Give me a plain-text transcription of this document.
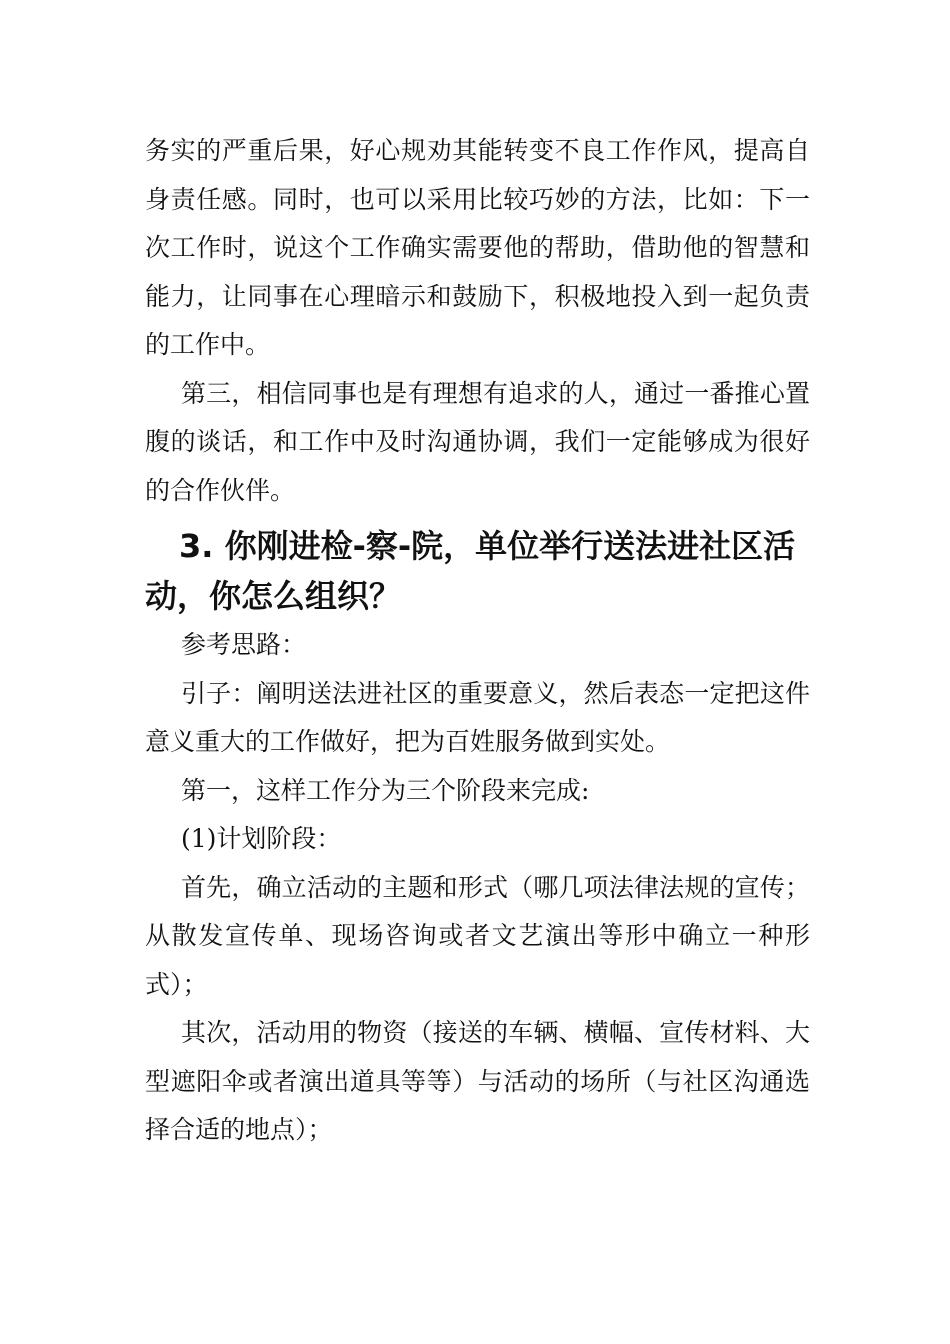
务实的严重后果，好心规劝其能转变不良工作作风，提高自身责任感。同时，也可以采用比较巧妙的方法，比如：下一次工作时，说这个工作确实需要他的帮助，借助他的智慧和能力，让同事在心理暗示和鼓励下，积极地投入到一起负责的工作中。

第三，相信同事也是有理想有追求的人，通过一番推心置腹的谈话，和工作中及时沟通协调，我们一定能够成为很好的合作伙伴。

3. 你刚进检-察-院，单位举行送法进社区活动，你怎么组织？

参考思路：

引子：阐明送法进社区的重要意义，然后表态一定把这件意义重大的工作做好，把为百姓服务做到实处。

第一，这样工作分为三个阶段来完成:

(1)计划阶段：

首先，确立活动的主题和形式（哪几项法律法规的宣传；从散发宣传单、现场咨询或者文艺演出等形中确立一种形式）；

其次，活动用的物资（接送的车辆、横幅、宣传材料、大型遮阳伞或者演出道具等等）与活动的场所（与社区沟通选择合适的地点）；
